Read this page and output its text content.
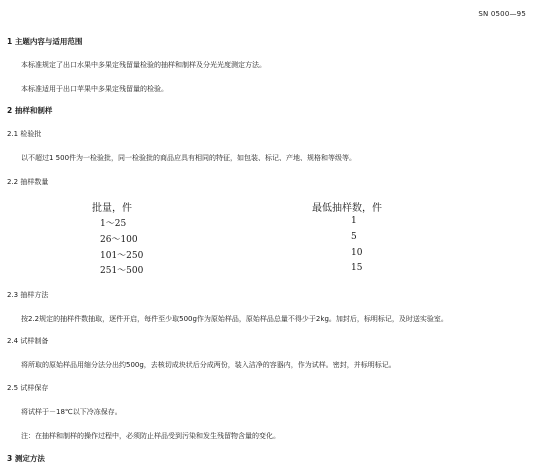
SN 0500—95
1 主题内容与适用范围
本标准规定了出口水果中多果定残留量检验的抽样和制样及分光光度测定方法。
本标准适用于出口苹果中多果定残留量的检验。
2 抽样和制样
2.1 检验批
以不超过1 500件为一检验批，同一检验批的商品应具有相同的特征，如包装、标记、产地、规格和等级等。
2.2 抽样数量
批量，件	最低抽样数，件
1～25	1
26～100	5
101～250	10
251～500	15
2.3 抽样方法
按2.2规定的抽样件数抽取，逐件开启，每件至少取500g作为原始样品，原始样品总量不得少于2kg。加封后，标明标记，及时送实验室。
2.4 试样制备
将所取的原始样品用缩分法分出约500g，去核切成块状后分成两份，装入洁净的容器内，作为试样。密封，并标明标记。
2.5 试样保存
将试样于－18℃以下冷冻保存。
注：在抽样和制样的操作过程中，必须防止样品受到污染和发生残留物含量的变化。
3 测定方法
